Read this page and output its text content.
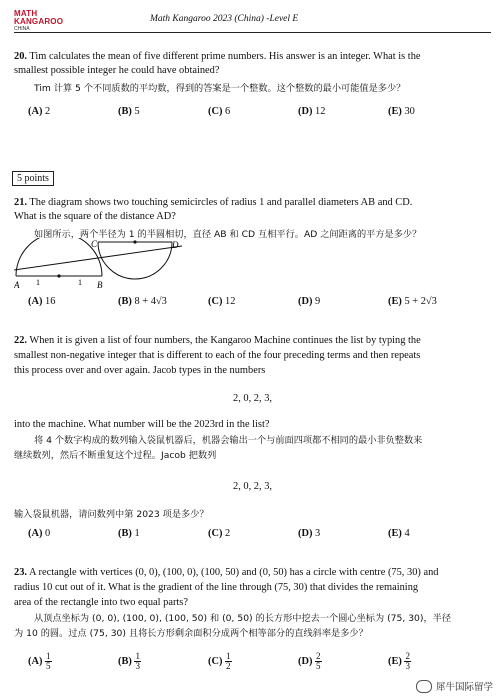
MATH
KANGAROO
CHINA
Math Kangaroo 2023 (China) -Level E
20. Tim calculates the mean of five different prime numbers. His answer is an integer. What is the
smallest possible integer he could have obtained?
Tim 计算 5 个不同质数的平均数，得到的答案是一个整数。这个整数的最小可能值是多少？
(A) 2	(B) 5	(C) 6	(D) 12	(E) 30
5 points
21. The diagram shows two touching semicircles of radius 1 and parallel diameters AB and CD.
What is the square of the distance AD?
如图所示，两个半径为 1 的半圆相切，直径 AB 和 CD 互相平行。AD 之间距离的平方是多少？
A	B
C	D
1	1
(A) 16	(B) 8 + 4√3	(C) 12	(D) 9	(E) 5 + 2√3
22. When it is given a list of four numbers, the Kangaroo Machine continues the list by typing the
smallest non-negative integer that is different to each of the four preceding terms and then repeats
this process over and over again. Jacob types in the numbers
2, 0, 2, 3,
into the machine. What number will be the 2023rd in the list?
将 4 个数字构成的数列输入袋鼠机器后，机器会输出一个与前面四项都不相同的最小非负整数来
继续数列，然后不断重复这个过程。Jacob 把数列
2, 0, 2, 3,
输入袋鼠机器，请问数列中第 2023 项是多少？
(A) 0	(B) 1	(C) 2	(D) 3	(E) 4
23. A rectangle with vertices (0, 0), (100, 0), (100, 50) and (0, 50) has a circle with centre (75, 30) and
radius 10 cut out of it. What is the gradient of the line through (75, 30) that divides the remaining
area of the rectangle into two equal parts?
从顶点坐标为 (0, 0), (100, 0), (100, 50) 和 (0, 50) 的长方形中挖去一个圆心坐标为 (75, 30)，半径
为 10 的圆。过点 (75, 30) 且将长方形剩余面积分成两个相等部分的直线斜率是多少？
$(A) \frac{1}{5}$	$(B) \frac{1}{3}$	$(C) \frac{1}{2}$	$(D) \frac{2}{5}$	$(E) \frac{2}{3}$
犀牛国际留学
